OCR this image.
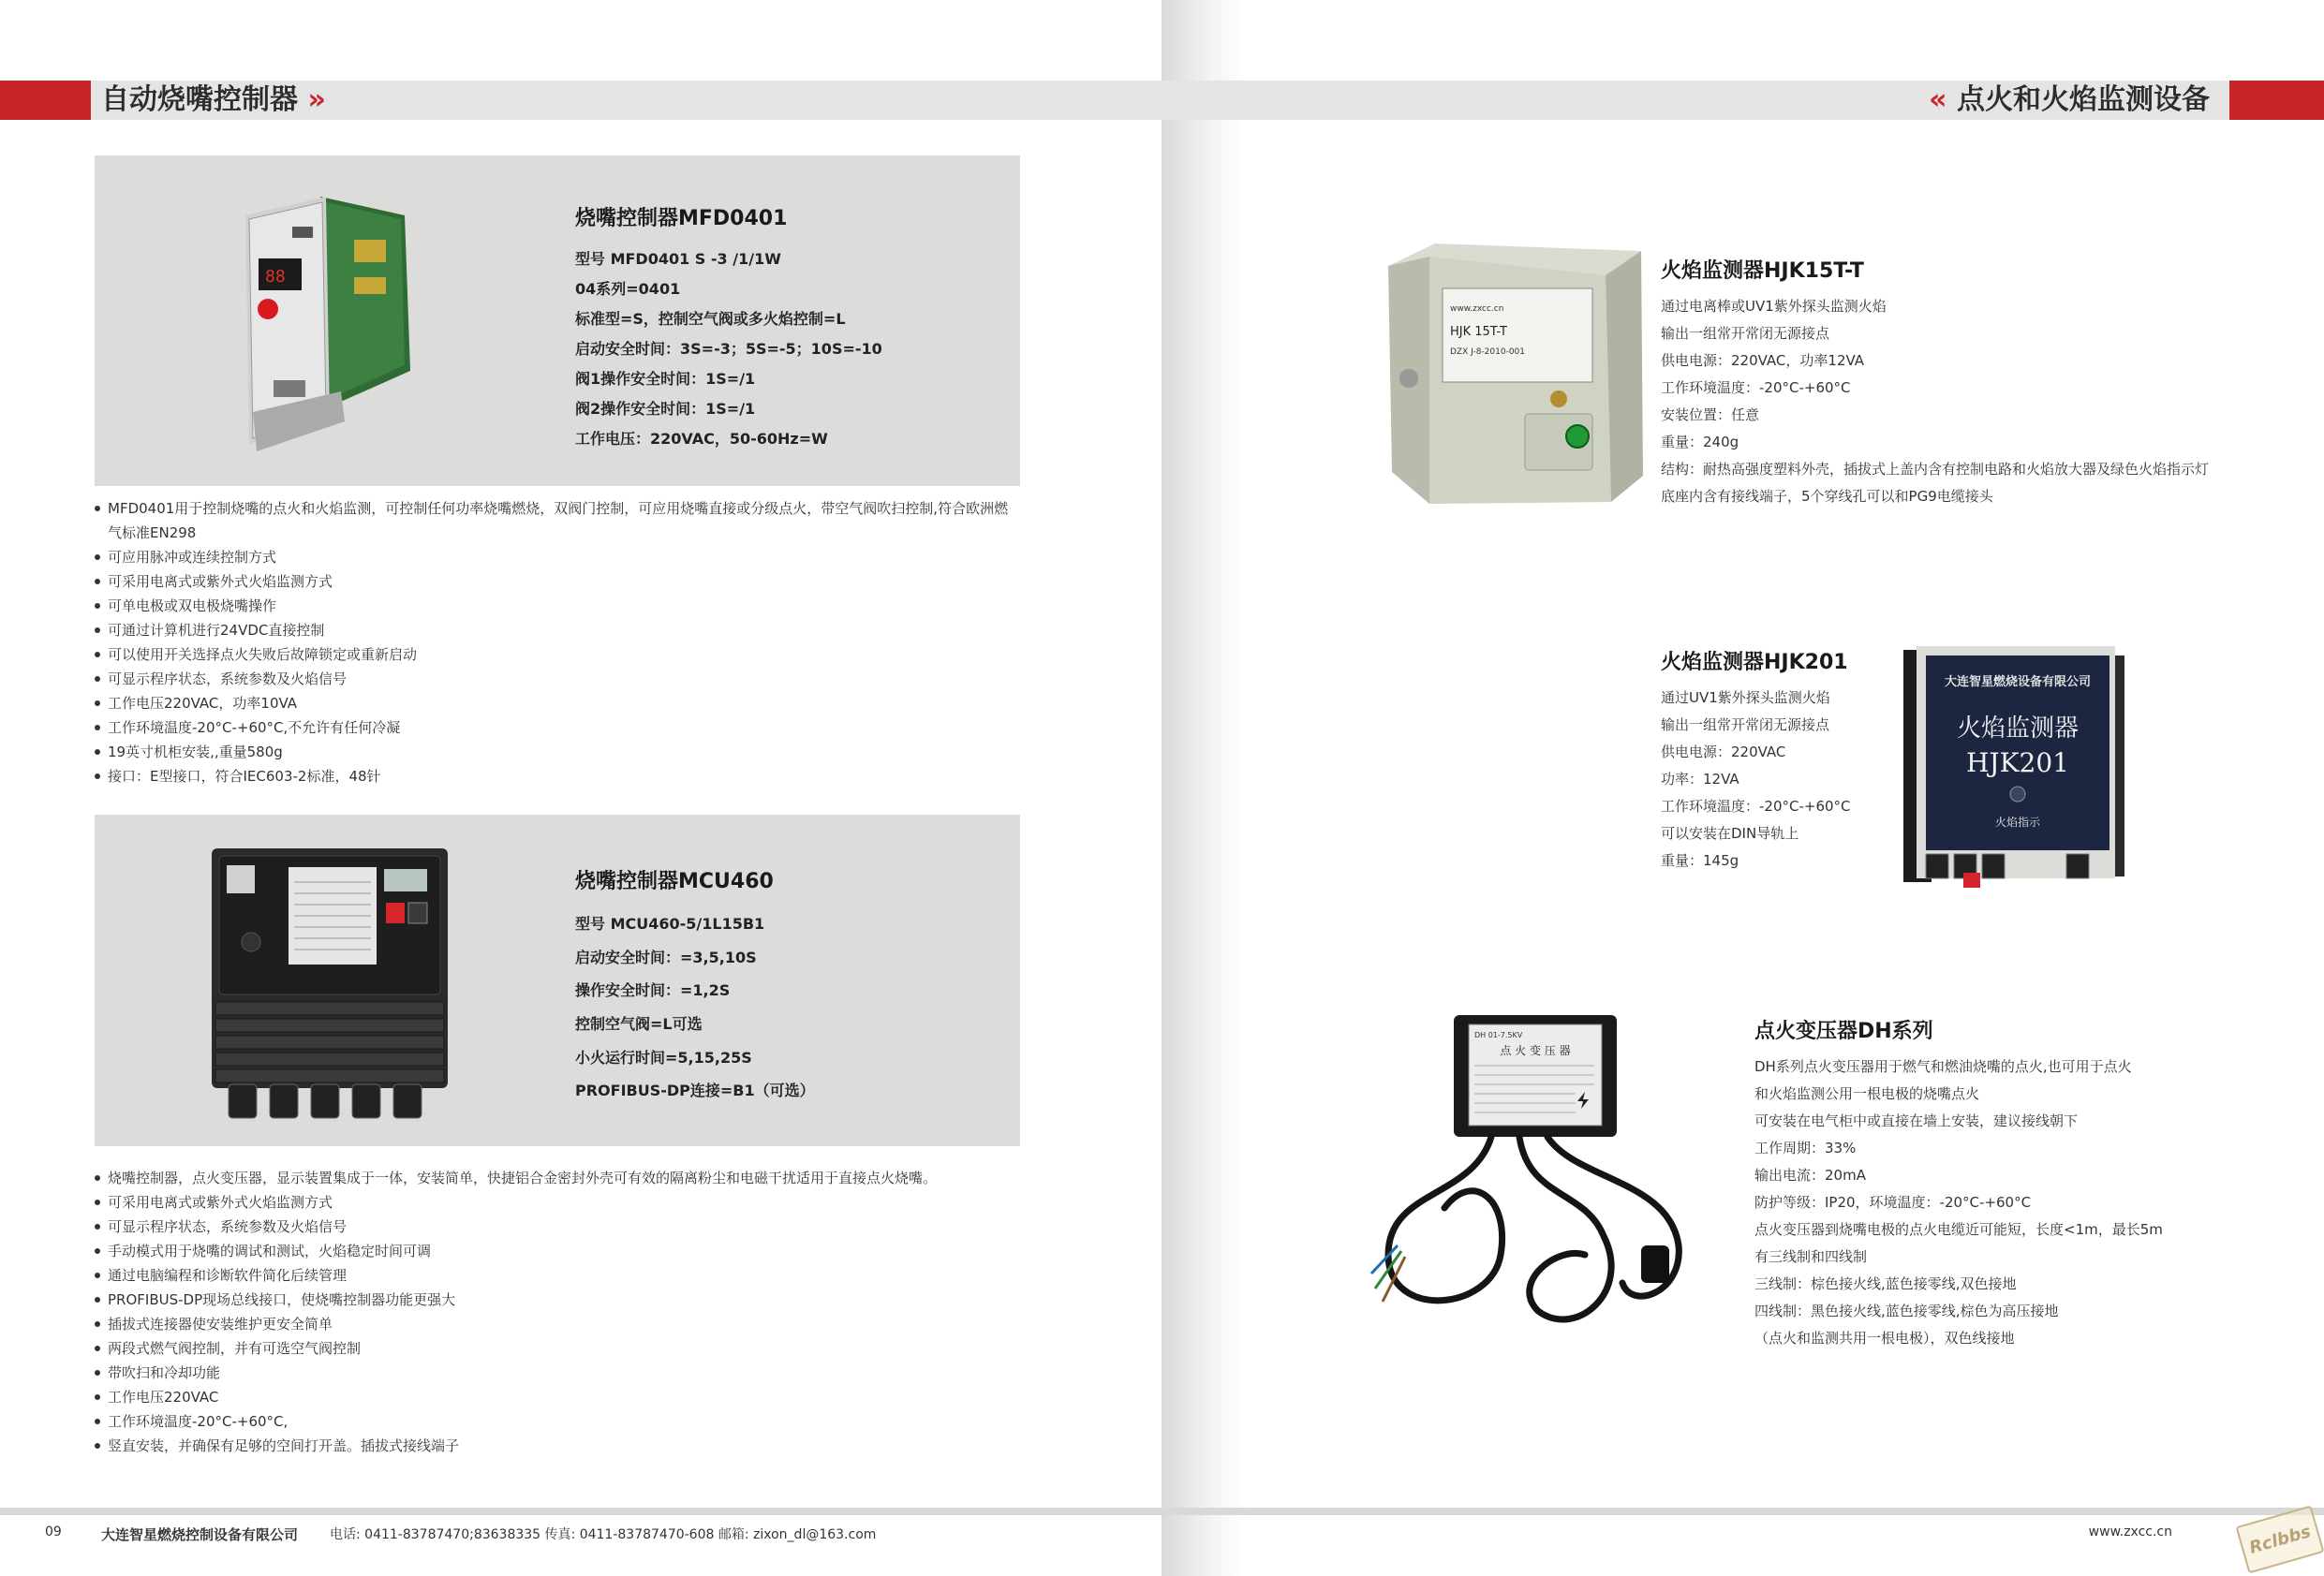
自动烧嘴控制器 »	« 点火和火焰监测设备
88
烧嘴控制器MFD0401
型号 MFD0401 S -3 /1/1W
04系列=0401
标准型=S，控制空气阀或多火焰控制=L
启动安全时间：3S=-3；5S=-5；10S=-10
阀1操作安全时间：1S=/1
阀2操作安全时间：1S=/1
工作电压：220VAC，50-60Hz=W
MFD0401用于控制烧嘴的点火和火焰监测，可控制任何功率烧嘴燃烧，双阀门控制，可应用烧嘴直接或分级点火，带空气阀吹扫控制,符合欧洲燃气标准EN298
可应用脉冲或连续控制方式
可采用电离式或紫外式火焰监测方式
可单电极或双电极烧嘴操作
可通过计算机进行24VDC直接控制
可以使用开关选择点火失败后故障锁定或重新启动
可显示程序状态，系统参数及火焰信号
工作电压220VAC，功率10VA
工作环境温度-20°C-+60°C,不允许有任何冷凝
19英寸机柜安装,,重量580g
接口：E型接口，符合IEC603-2标准，48针
烧嘴控制器MCU460
型号 MCU460-5/1L15B1
启动安全时间：=3,5,10S
操作安全时间：=1,2S
控制空气阀=L可选
小火运行时间=5,15,25S
PROFIBUS-DP连接=B1（可选）
烧嘴控制器，点火变压器，显示装置集成于一体，安装简单，快捷铝合金密封外壳可有效的隔离粉尘和电磁干扰适用于直接点火烧嘴。
可采用电离式或紫外式火焰监测方式
可显示程序状态，系统参数及火焰信号
手动模式用于烧嘴的调试和测试，火焰稳定时间可调
通过电脑编程和诊断软件简化后续管理
PROFIBUS-DP现场总线接口，使烧嘴控制器功能更强大
插拔式连接器使安装维护更安全简单
两段式燃气阀控制，并有可选空气阀控制
带吹扫和冷却功能
工作电压220VAC
工作环境温度-20°C-+60°C,
竖直安装，并确保有足够的空间打开盖。插拔式接线端子
www.zxcc.cn
HJK 15T-T
DZX J-8-2010-001
火焰监测器HJK15T-T
通过电离棒或UV1紫外探头监测火焰
输出一组常开常闭无源接点
供电电源：220VAC，功率12VA
工作环境温度：-20°C-+60°C
安装位置：任意
重量：240g
结构：耐热高强度塑料外壳，插拔式上盖内含有控制电路和火焰放大器及绿色火焰指示灯
底座内含有接线端子，5个穿线孔可以和PG9电缆接头
火焰监测器HJK201
通过UV1紫外探头监测火焰
输出一组常开常闭无源接点
供电电源：220VAC
功率：12VA
工作环境温度：-20°C-+60°C
可以安装在DIN导轨上
重量：145g
大连智星燃烧设备有限公司
火焰监测器
HJK201
火焰指示
DH 01-7.5KV
点 火 变 压 器
点火变压器DH系列
DH系列点火变压器用于燃气和燃油烧嘴的点火,也可用于点火
和火焰监测公用一根电极的烧嘴点火
可安装在电气柜中或直接在墙上安装，建议接线朝下
工作周期：33%
输出电流：20mA
防护等级：IP20，环境温度：-20°C-+60°C
点火变压器到烧嘴电极的点火电缆近可能短，长度<1m，最长5m
有三线制和四线制
三线制：棕色接火线,蓝色接零线,双色接地
四线制：黑色接火线,蓝色接零线,棕色为高压接地
（点火和监测共用一根电极），双色线接地
09	大连智星燃烧控制设备有限公司 电话: 0411-83787470;83638335 传真: 0411-83787470-608 邮箱: zixon_dl@163.com	www.zxcc.cn	Rclbbs
